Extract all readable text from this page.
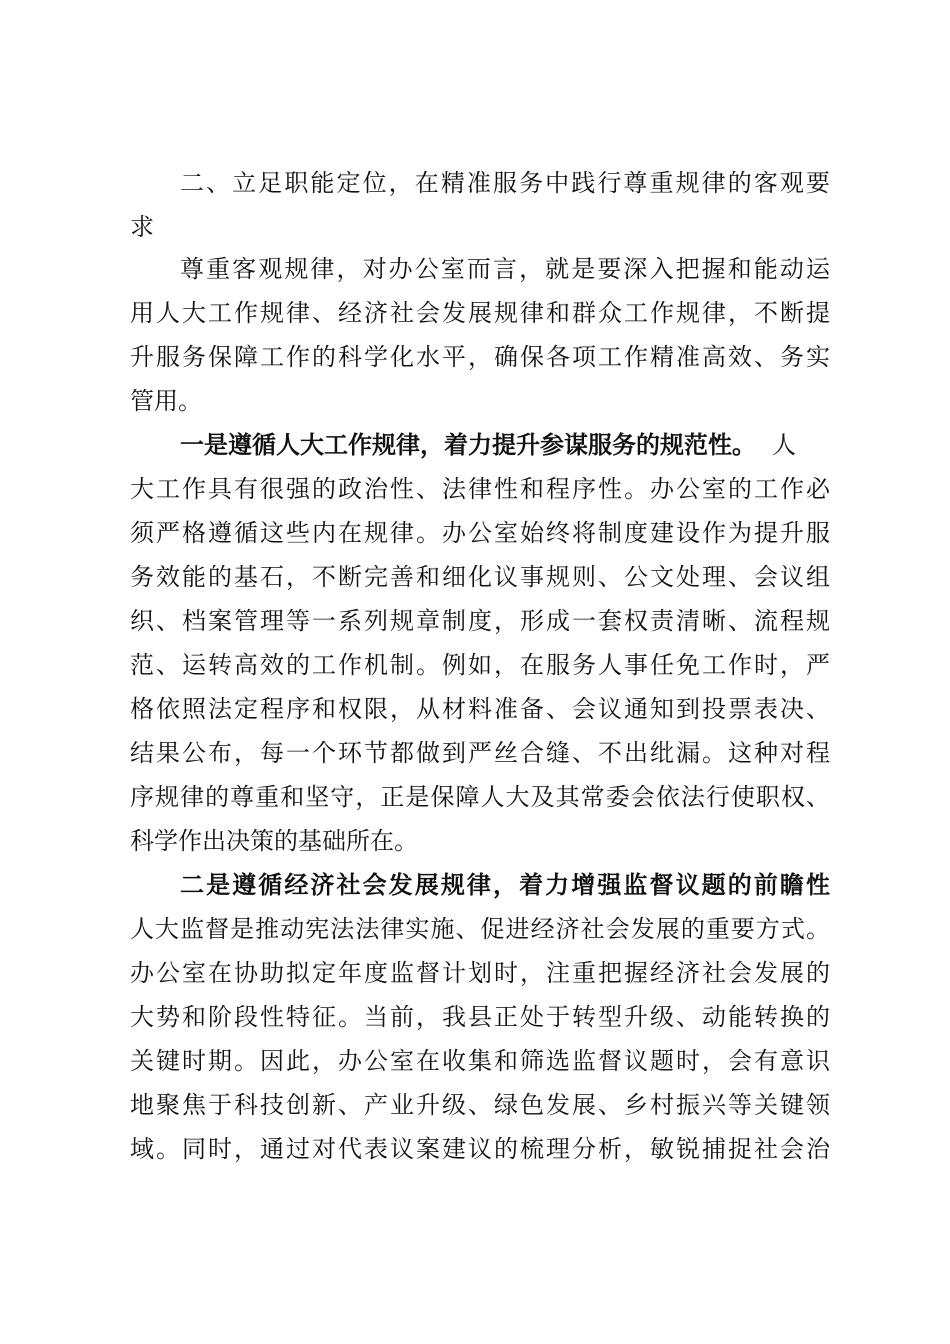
二、立足职能定位，在精准服务中践行尊重规律的客观要
求
尊重客观规律，对办公室而言，就是要深入把握和能动运
用人大工作规律、经济社会发展规律和群众工作规律，不断提
升服务保障工作的科学化水平，确保各项工作精准高效、务实
管用。
一是遵循人大工作规律，着力提升参谋服务的规范性。 人
大工作具有很强的政治性、法律性和程序性。办公室的工作必
须严格遵循这些内在规律。办公室始终将制度建设作为提升服
务效能的基石，不断完善和细化议事规则、公文处理、会议组
织、档案管理等一系列规章制度，形成一套权责清晰、流程规
范、运转高效的工作机制。例如，在服务人事任免工作时，严
格依照法定程序和权限，从材料准备、会议通知到投票表决、
结果公布，每一个环节都做到严丝合缝、不出纰漏。这种对程
序规律的尊重和坚守，正是保障人大及其常委会依法行使职权、
科学作出决策的基础所在。
二是遵循经济社会发展规律，着力增强监督议题的前瞻性
人大监督是推动宪法法律实施、促进经济社会发展的重要方式。
办公室在协助拟定年度监督计划时，注重把握经济社会发展的
大势和阶段性特征。当前，我县正处于转型升级、动能转换的
关键时期。因此，办公室在收集和筛选监督议题时，会有意识
地聚焦于科技创新、产业升级、绿色发展、乡村振兴等关键领
域。同时，通过对代表议案建议的梳理分析，敏锐捕捉社会治
